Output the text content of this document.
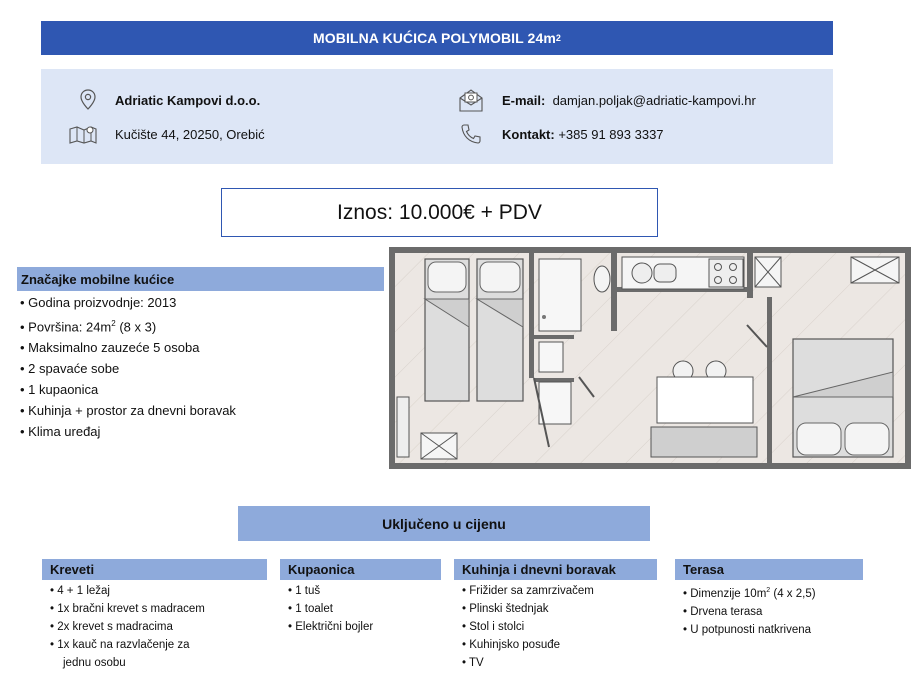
MOBILNA KUĆICA POLYMOBIL 24m 2
Adriatic Kampovi d.o.o.
Kučište 44, 20250, Orebić
E-mail:
damjan.poljak@adriatic-kampovi.hr
Kontakt:
+385 91 893 3337
Iznos: 10.000€ + PDV
Značajke mobilne kućice
• Godina proizvodnje: 2013
• Površina: $24m^2$ (8 x 3)
• Maksimalno zauzeće 5 osoba
• 2 spavaće sobe
• 1 kupaonica
• Kuhinja + prostor za dnevni boravak
• Klima uređaj
Uključeno u cijenu
Kreveti
• 4 + 1 ležaj
• 1x bračni krevet s madracem
• 2x krevet s madracima
• 1x kauč na razvlačenje za
jednu osobu
Kupaonica
• 1 tuš
• 1 toalet
• Električni bojler
Kuhinja i dnevni boravak
• Frižider sa zamrzivačem
• Plinski štednjak
• Stol i stolci
• Kuhinjsko posuđe
• TV
Terasa
• Dimenzije $10m^2$ (4 x 2,5)
• Drvena terasa
• U potpunosti natkrivena
